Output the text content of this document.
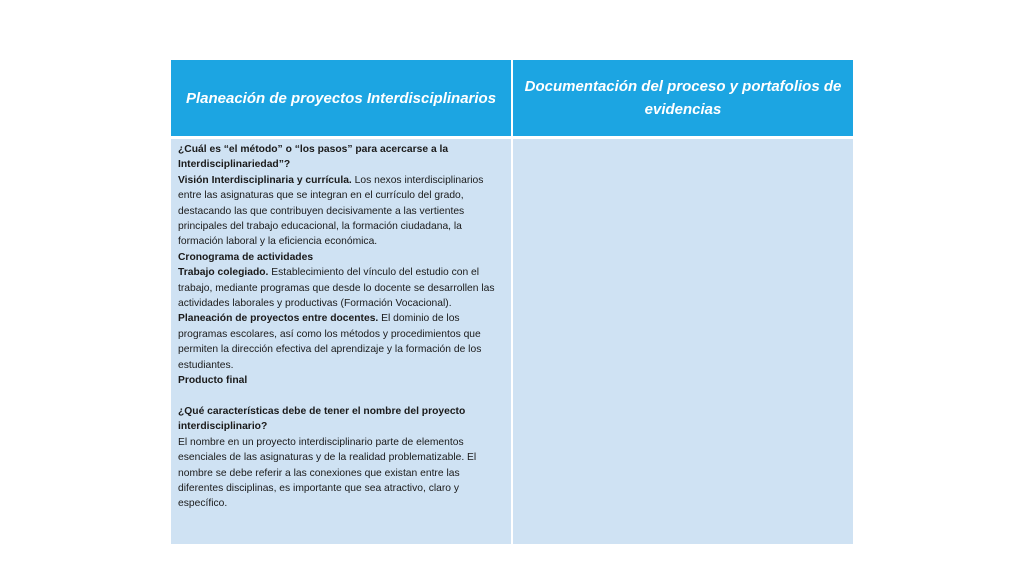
Planeación de proyectos Interdisciplinarios
Documentación del proceso y portafolios de evidencias

¿Cuál es “el método” o “los pasos” para acercarse a la Interdisciplinariedad”?

Visión Interdisciplinaria y currícula. Los nexos interdisciplinarios entre las asignaturas que se integran en el currículo del grado, destacando las que contribuyen decisivamente a las vertientes principales del trabajo educacional, la formación ciudadana, la formación laboral y la eficiencia económica.

Cronograma de actividades

Trabajo colegiado. Establecimiento del vínculo del estudio con el trabajo, mediante programas que desde lo docente se desarrollen las actividades laborales y productivas (Formación Vocacional).

Planeación de proyectos entre docentes. El dominio de los programas escolares, así como los métodos y procedimientos que permiten la dirección efectiva del aprendizaje y la formación de los estudiantes.

Producto final

¿Qué características debe de tener el nombre del proyecto interdisciplinario?

El nombre en un proyecto interdisciplinario parte de elementos esenciales de las asignaturas y de la realidad problematizable. El nombre se debe referir a las conexiones que existan entre las diferentes disciplinas, es importante que sea atractivo, claro y específico.
